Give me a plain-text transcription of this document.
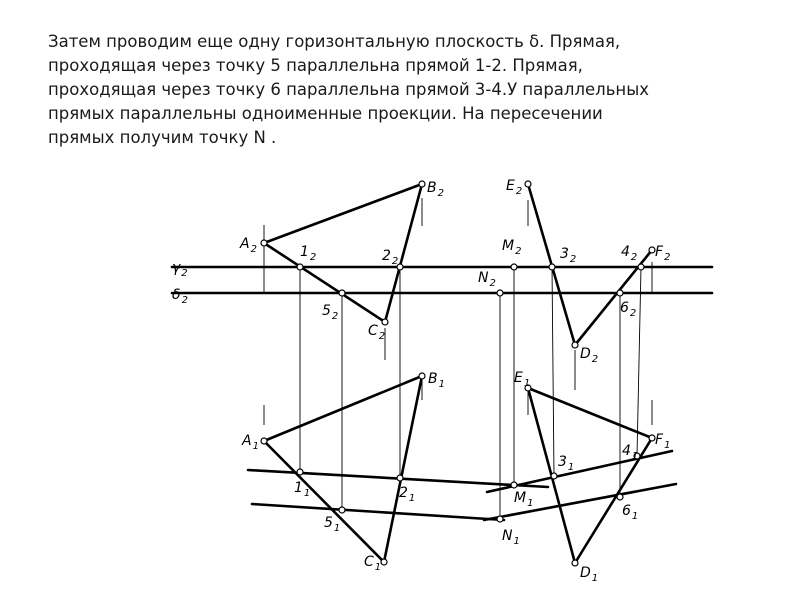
Затем проводим еще одну горизонтальную плоскость δ. Прямая,
проходящая через точку 5 параллельна прямой 1-2. Прямая,
проходящая через точку 6 параллельна прямой 3-4.У параллельных
прямых параллельны одноименные проекции. На пересечении
прямых получим точку N .
$\gamma_2$
$\delta_2$
$A_2$
$B_2$
$C_2$
$1_2$	$2_2$
$5_2$
$M_2$
$N_2$
$E_2$
$F_2$
$3_2$	$4_2$
$6_2$
$D_2$
$A_1$
$B_1$
$C_1$
$1_1$	$2_1$
$5_1$
$M_1$
$N_1$
$E_1$
$F_1$
$3_1$
$4_1$
$6_1$
$D_1$
